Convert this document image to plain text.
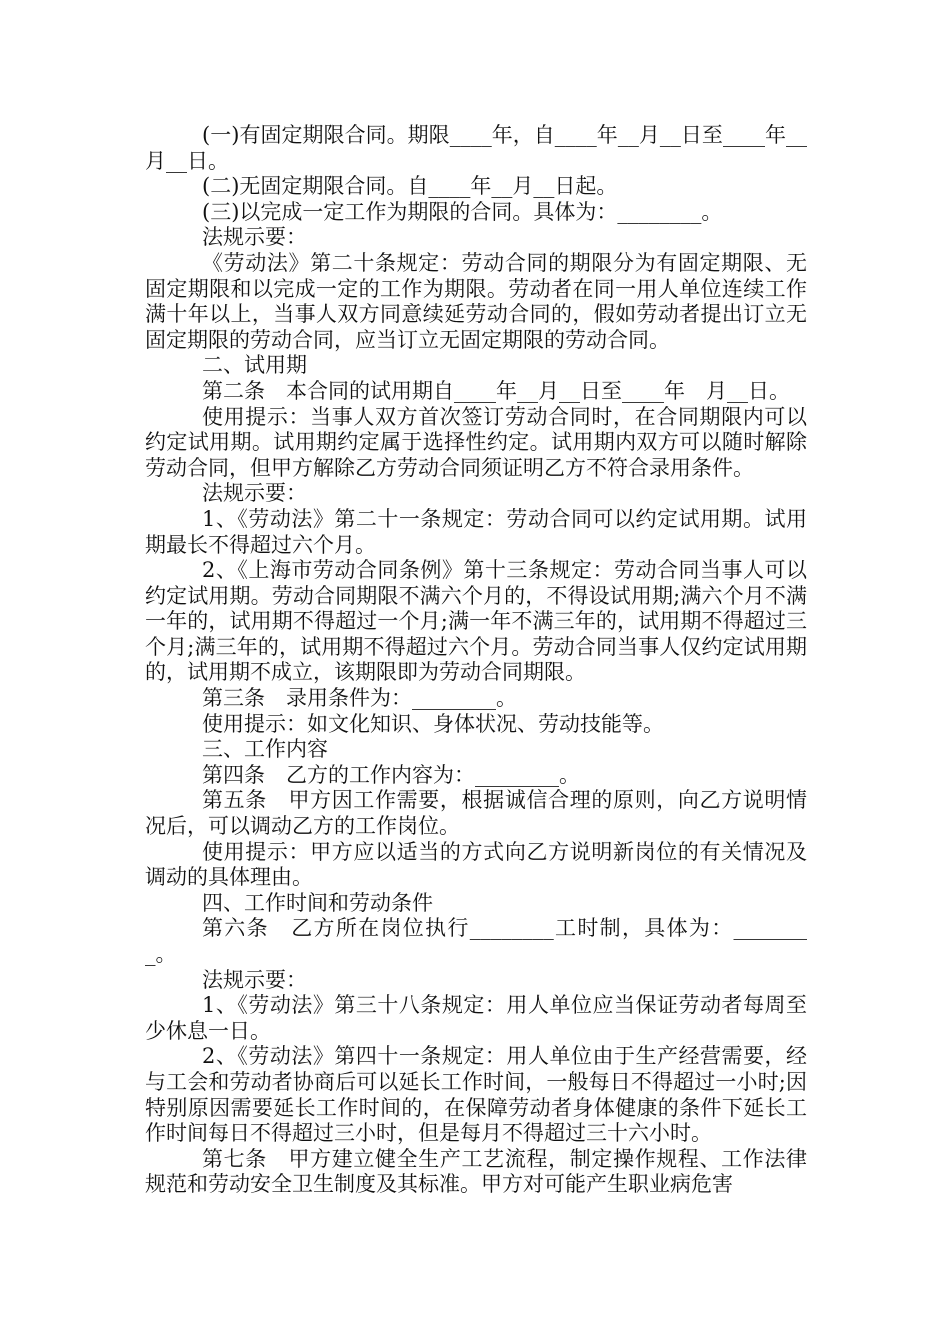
(一)有固定期限合同。期限____年，自____年__月__日至____年__月__日。

(二)无固定期限合同。自____年__月__日起。

(三)以完成一定工作为期限的合同。具体为：________。

法规示要：

《劳动法》第二十条规定：劳动合同的期限分为有固定期限、无固定期限和以完成一定的工作为期限。劳动者在同一用人单位连续工作满十年以上，当事人双方同意续延劳动合同的，假如劳动者提出订立无固定期限的劳动合同，应当订立无固定期限的劳动合同。

二、试用期

第二条　本合同的试用期自____年__月__日至____年　月__日。

使用提示：当事人双方首次签订劳动合同时，在合同期限内可以约定试用期。试用期约定属于选择性约定。试用期内双方可以随时解除劳动合同，但甲方解除乙方劳动合同须证明乙方不符合录用条件。

法规示要：

1、《劳动法》第二十一条规定：劳动合同可以约定试用期。试用期最长不得超过六个月。

2、《上海市劳动合同条例》第十三条规定：劳动合同当事人可以约定试用期。劳动合同期限不满六个月的，不得设试用期;满六个月不满一年的，试用期不得超过一个月;满一年不满三年的，试用期不得超过三个月;满三年的，试用期不得超过六个月。劳动合同当事人仅约定试用期的，试用期不成立，该期限即为劳动合同期限。

第三条　录用条件为：________。

使用提示：如文化知识、身体状况、劳动技能等。

三、工作内容

第四条　乙方的工作内容为：________。

第五条　甲方因工作需要，根据诚信合理的原则，向乙方说明情况后，可以调动乙方的工作岗位。

使用提示：甲方应以适当的方式向乙方说明新岗位的有关情况及调动的具体理由。

四、工作时间和劳动条件

第六条　乙方所在岗位执行________工时制，具体为：________。

法规示要：

1、《劳动法》第三十八条规定：用人单位应当保证劳动者每周至少休息一日。

2、《劳动法》第四十一条规定：用人单位由于生产经营需要，经与工会和劳动者协商后可以延长工作时间，一般每日不得超过一小时;因特别原因需要延长工作时间的，在保障劳动者身体健康的条件下延长工作时间每日不得超过三小时，但是每月不得超过三十六小时。

第七条　甲方建立健全生产工艺流程，制定操作规程、工作法律规范和劳动安全卫生制度及其标准。甲方对可能产生职业病危害
